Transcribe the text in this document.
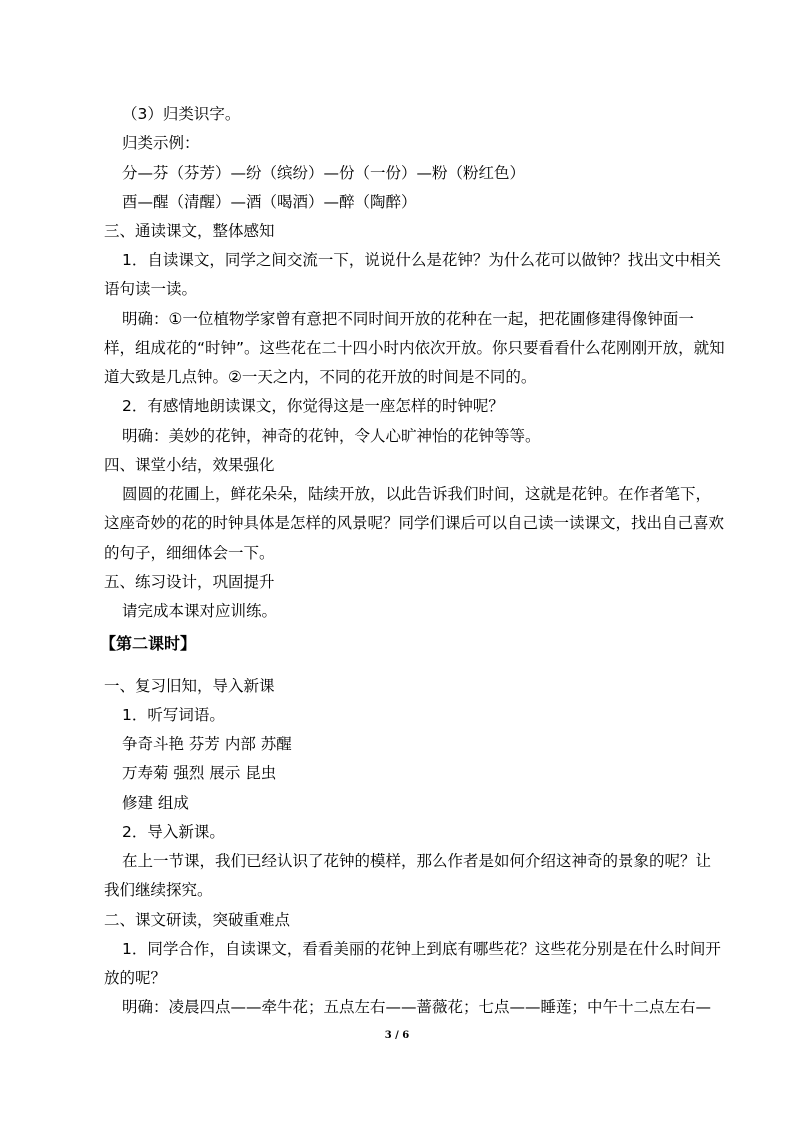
（3）归类识字。

归类示例：

分—芬（芬芳）—纷（缤纷）—份（一份）—粉（粉红色）

酉—醒（清醒）—酒（喝酒）—醉（陶醉）

三、通读课文，整体感知

1．自读课文，同学之间交流一下，说说什么是花钟？为什么花可以做钟？找出文中相关

语句读一读。

明确：①一位植物学家曾有意把不同时间开放的花种在一起，把花圃修建得像钟面一

样，组成花的“时钟”。这些花在二十四小时内依次开放。你只要看看什么花刚刚开放，就知

道大致是几点钟。②一天之内，不同的花开放的时间是不同的。

2．有感情地朗读课文，你觉得这是一座怎样的时钟呢？

明确：美妙的花钟，神奇的花钟，令人心旷神怡的花钟等等。

四、课堂小结，效果强化

圆圆的花圃上，鲜花朵朵，陆续开放，以此告诉我们时间，这就是花钟。在作者笔下，

这座奇妙的花的时钟具体是怎样的风景呢？同学们课后可以自己读一读课文，找出自己喜欢

的句子，细细体会一下。

五、练习设计，巩固提升

请完成本课对应训练。

【第二课时】

一、复习旧知，导入新课

1．听写词语。

争奇斗艳 芬芳 内部 苏醒

万寿菊 强烈 展示 昆虫

修建 组成

2．导入新课。

在上一节课，我们已经认识了花钟的模样，那么作者是如何介绍这神奇的景象的呢？让

我们继续探究。

二、课文研读，突破重难点

1．同学合作，自读课文，看看美丽的花钟上到底有哪些花？这些花分别是在什么时间开

放的呢？

明确：凌晨四点——牵牛花；五点左右——蔷薇花；七点——睡莲；中午十二点左右—

3 / 6
